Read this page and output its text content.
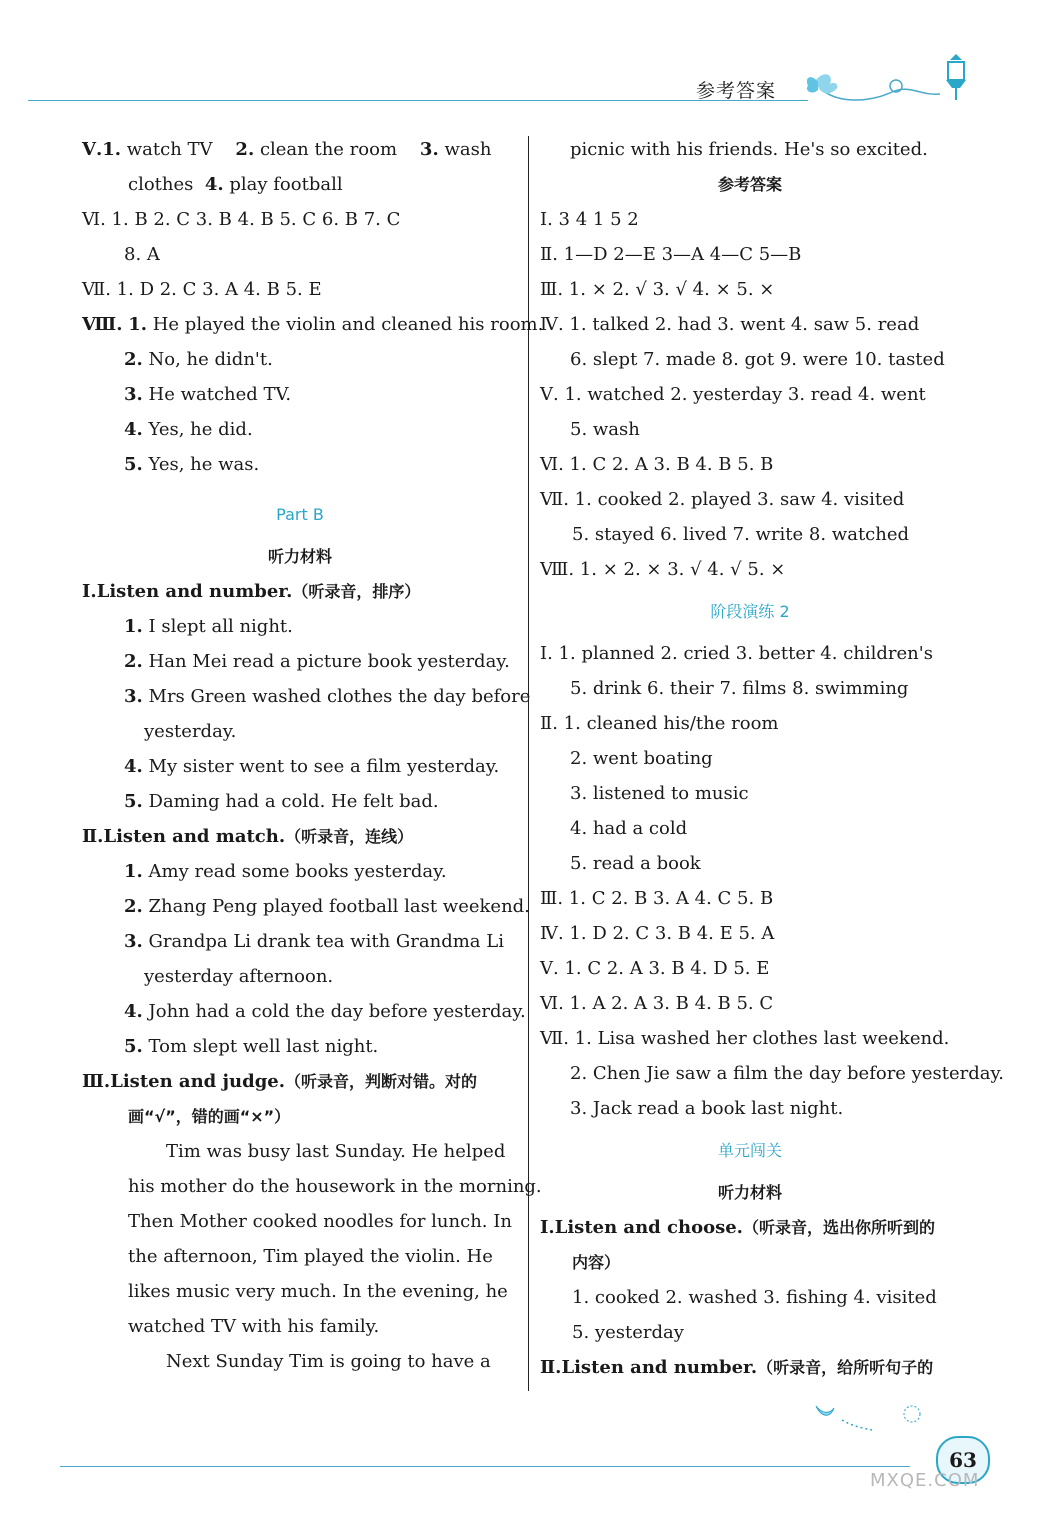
参考答案
Ⅴ.1. watch TV 2. clean the room 3. wash
clothes 4. play football
Ⅵ. 1. B 2. C 3. B 4. B 5. C 6. B 7. C
8. A
Ⅶ. 1. D 2. C 3. A 4. B 5. E
Ⅷ. 1. He played the violin and cleaned his room.
2. No, he didn't.
3. He watched TV.
4. Yes, he did.
5. Yes, he was.
Part B
听力材料
Ⅰ.Listen and number.（听录音，排序）
1. I slept all night.
2. Han Mei read a picture book yesterday.
3. Mrs Green washed clothes the day before
yesterday.
4. My sister went to see a film yesterday.
5. Daming had a cold. He felt bad.
Ⅱ.Listen and match.（听录音，连线）
1. Amy read some books yesterday.
2. Zhang Peng played football last weekend.
3. Grandpa Li drank tea with Grandma Li
yesterday afternoon.
4. John had a cold the day before yesterday.
5. Tom slept well last night.
Ⅲ.Listen and judge.（听录音，判断对错。对的
画“√”，错的画“×”）
Tim was busy last Sunday. He helped
his mother do the housework in the morning.
Then Mother cooked noodles for lunch. In
the afternoon, Tim played the violin. He
likes music very much. In the evening, he
watched TV with his family.
Next Sunday Tim is going to have a
picnic with his friends. He's so excited.
参考答案
Ⅰ. 3 4 1 5 2
Ⅱ. 1—D 2—E 3—A 4—C 5—B
Ⅲ. 1. × 2. √ 3. √ 4. × 5. ×
Ⅳ. 1. talked 2. had 3. went 4. saw 5. read
6. slept 7. made 8. got 9. were 10. tasted
Ⅴ. 1. watched 2. yesterday 3. read 4. went
5. wash
Ⅵ. 1. C 2. A 3. B 4. B 5. B
Ⅶ. 1. cooked 2. played 3. saw 4. visited
5. stayed 6. lived 7. write 8. watched
Ⅷ. 1. × 2. × 3. √ 4. √ 5. ×
阶段演练 2
Ⅰ. 1. planned 2. cried 3. better 4. children's
5. drink 6. their 7. films 8. swimming
Ⅱ. 1. cleaned his/the room
2. went boating
3. listened to music
4. had a cold
5. read a book
Ⅲ. 1. C 2. B 3. A 4. C 5. B
Ⅳ. 1. D 2. C 3. B 4. E 5. A
Ⅴ. 1. C 2. A 3. B 4. D 5. E
Ⅵ. 1. A 2. A 3. B 4. B 5. C
Ⅶ. 1. Lisa washed her clothes last weekend.
2. Chen Jie saw a film the day before yesterday.
3. Jack read a book last night.
单元闯关
听力材料
Ⅰ.Listen and choose.（听录音，选出你所听到的
内容）
1. cooked 2. washed 3. fishing 4. visited
5. yesterday
Ⅱ.Listen and number.（听录音，给所听句子的
63
MXQE.COM
